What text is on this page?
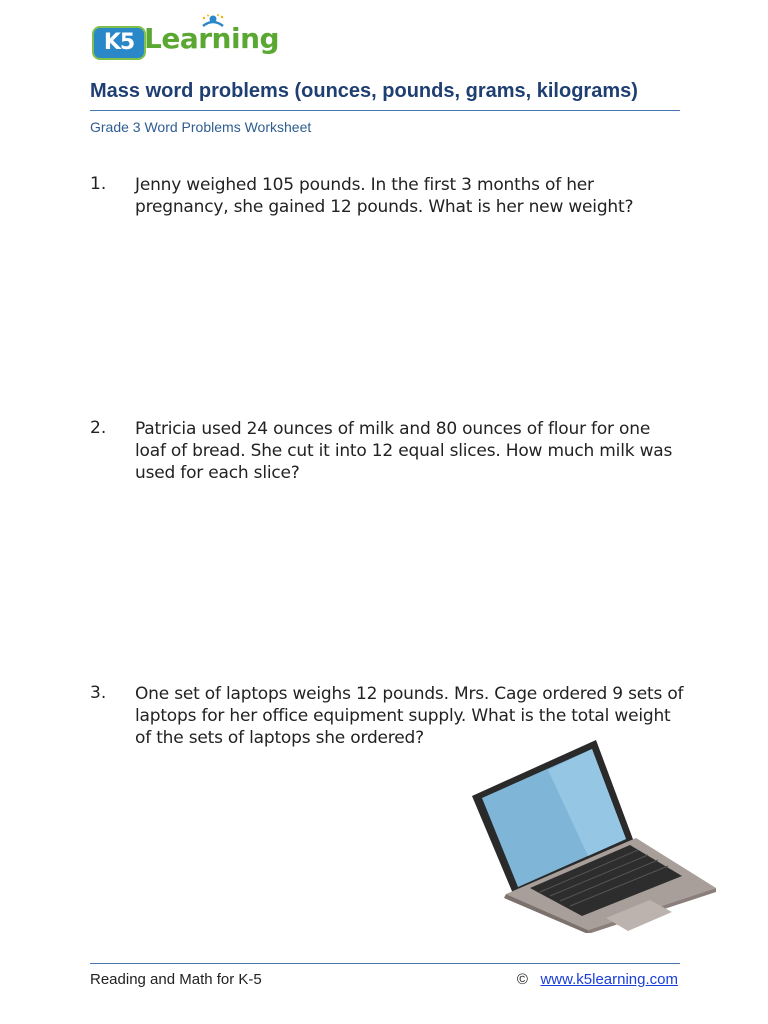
K5 Learning
Mass word problems (ounces, pounds, grams, kilograms)
Grade 3 Word Problems Worksheet
1. Jenny weighed 105 pounds. In the first 3 months of her pregnancy, she gained 12 pounds. What is her new weight?
2. Patricia used 24 ounces of milk and 80 ounces of flour for one loaf of bread. She cut it into 12 equal slices. How much milk was used for each slice?
3. One set of laptops weighs 12 pounds. Mrs. Cage ordered 9 sets of laptops for her office equipment supply. What is the total weight of the sets of laptops she ordered?
Reading and Math for K-5	© www.k5learning.com
